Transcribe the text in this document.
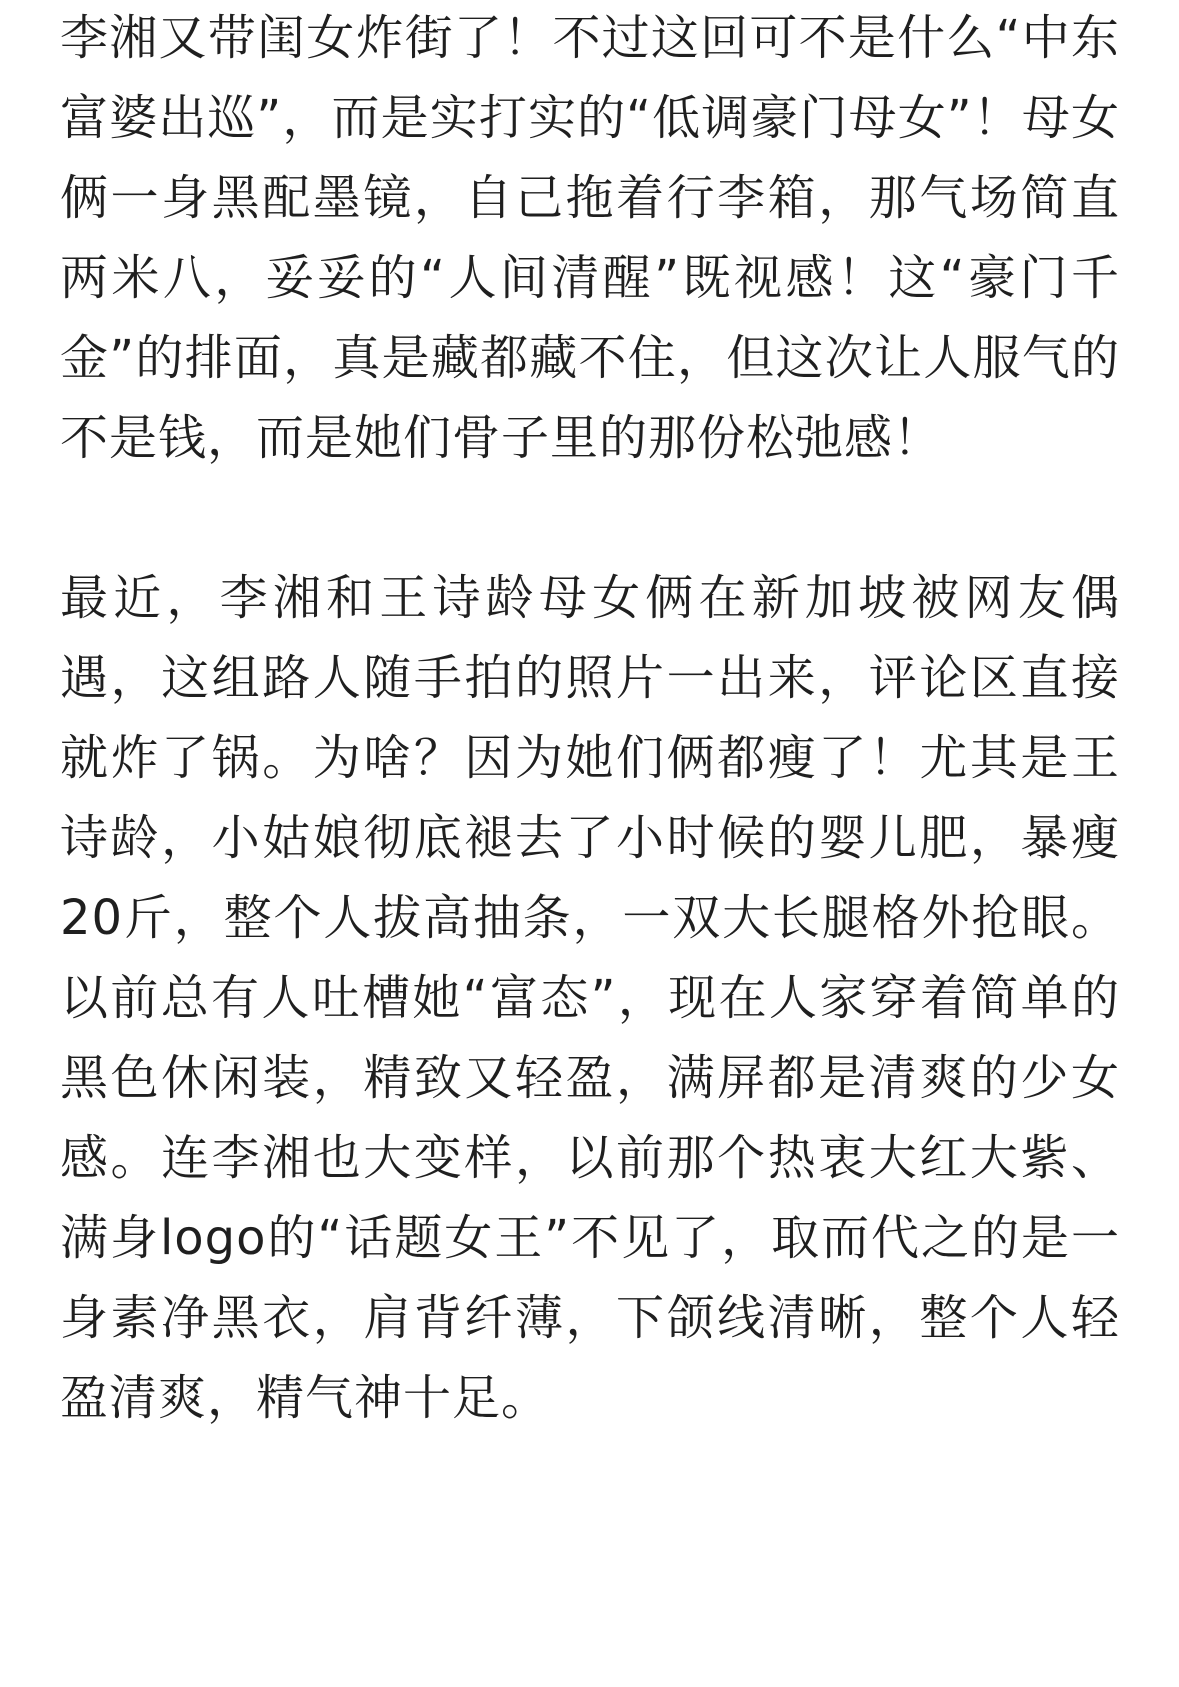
李湘又带闺女炸街了！不过这回可不是什么“中东富婆出巡”，而是实打实的“低调豪门母女”！母女俩一身黑配墨镜，自己拖着行李箱，那气场简直两米八，妥妥的“人间清醒”既视感！这“豪门千金”的排面，真是藏都藏不住，但这次让人服气的不是钱，而是她们骨子里的那份松弛感！

最近，李湘和王诗龄母女俩在新加坡被网友偶遇，这组路人随手拍的照片一出来，评论区直接就炸了锅。为啥？因为她们俩都瘦了！尤其是王诗龄，小姑娘彻底褪去了小时候的婴儿肥，暴瘦20斤，整个人拔高抽条，一双大长腿格外抢眼。以前总有人吐槽她“富态”，现在人家穿着简单的黑色休闲装，精致又轻盈，满屏都是清爽的少女感。连李湘也大变样，以前那个热衷大红大紫、满身logo的“话题女王”不见了，取而代之的是一身素净黑衣，肩背纤薄，下颌线清晰，整个人轻盈清爽，精气神十足。
